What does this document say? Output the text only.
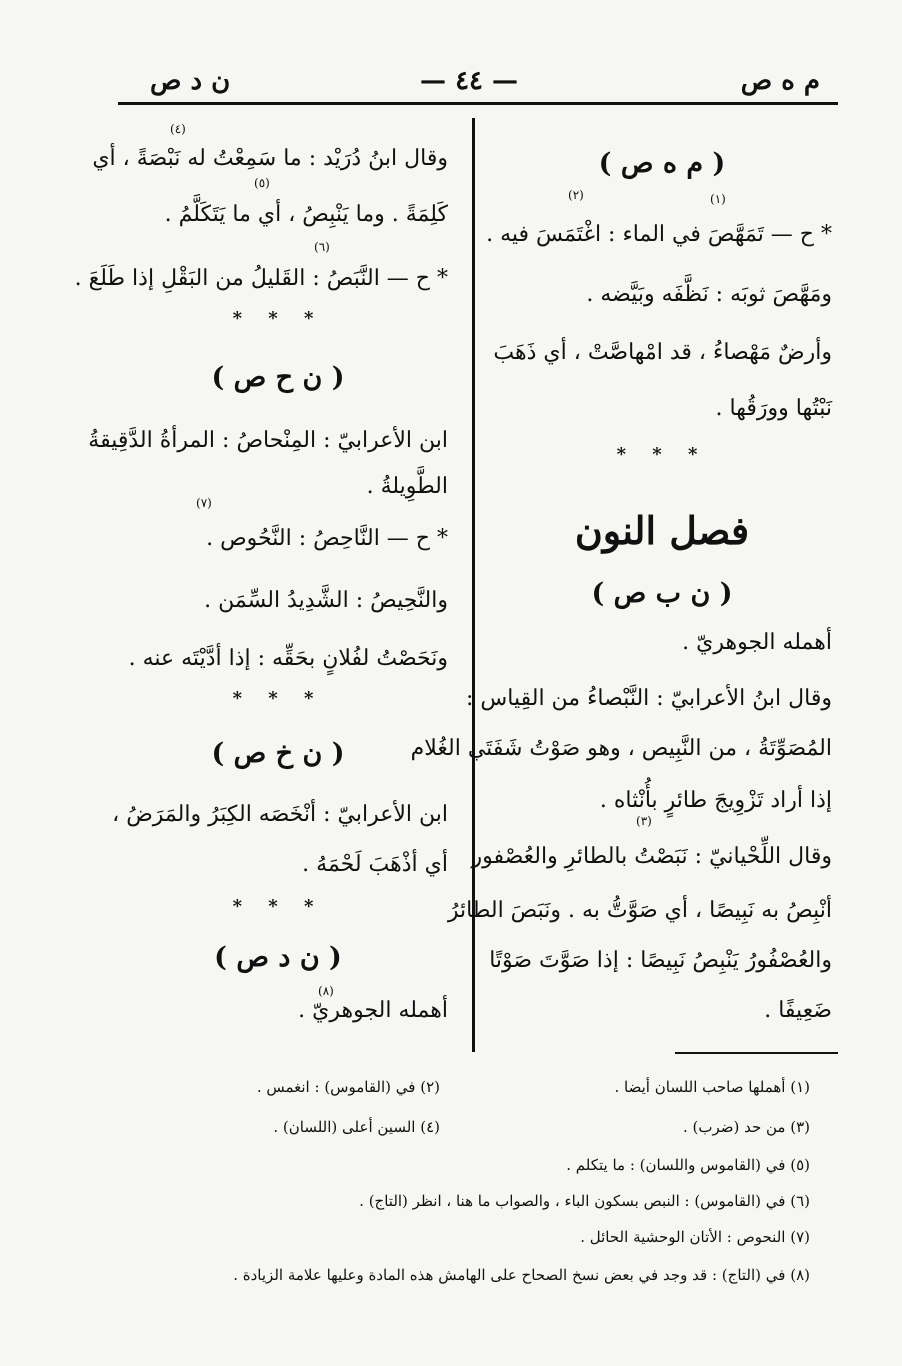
م ه ص
— ٤٤ —
ن د ص
( م ه ص )
* ح — تَمَهَّصَ في الماء : اغْتَمَسَ فيه .
ومَهَّصَ ثوبَه : نَظَّفَه وبَيَّضه .
وأرضٌ مَهْصاءُ ، قد امْهاصَّتْ ، أي ذَهَبَ
نَبْتُها وورَقُها .
* * *
فصل النون
( ن ب ص )
أهمله الجوهريّ .
وقال ابنُ الأعرابيّ : النَّبْصاءُ من القِياس :
المُصَوِّتَةُ ، من النَّبِيص ، وهو صَوْتُ شَفَتَي الغُلام
إذا أراد تَزْوِيجَ طائرٍ بأُنْثاه .
وقال اللِّحْيانيّ : نَبَصْتُ بالطائرِ والعُصْفور
أنْبِصُ به نَبِيصًا ، أي صَوَّتُّ به . ونَبَصَ الطائرُ
والعُصْفُورُ يَنْبِصُ نَبِيصًا : إذا صَوَّتَ صَوْتًا
ضَعِيفًا .
(١)
(٢)
(٣)
وقال ابنُ دُرَيْد : ما سَمِعْتُ له نَبْصَةً ، أي
كَلِمَةً . وما يَنْبِصُ ، أي ما يَتَكَلَّمُ .
* ح — النَّبَصُ : القَليلُ من البَقْلِ إذا طَلَعَ .
* * *
( ن ح ص )
ابن الأعرابيّ : المِنْحاصُ : المرأةُ الدَّقِيقةُ
الطَّوِيلةُ .
* ح — النَّاحِصُ : النَّحُوص .
والنَّحِيصُ : الشَّدِيدُ السِّمَن .
ونَحَصْتُ لفُلانٍ بحَقِّه : إذا أدَّيْتَه عنه .
* * *
( ن خ ص )
ابن الأعرابيّ : أنْخَصَه الكِبَرُ والمَرَضُ ،
أي أذْهَبَ لَحْمَهُ .
* * *
( ن د ص )
أهمله الجوهريّ .
(٤)
(٥)
(٦)
(٧)
(٨)
(١) أهملها صاحب اللسان أيضا .
(٢) في (القاموس) : انغمس .
(٣) من حد (ضرب) .
(٤) السين أعلى (اللسان) .
(٥) في (القاموس واللسان) : ما يتكلم .
(٦) في (القاموس) : النبص بسكون الباء ، والصواب ما هنا ، انظر (التاج) .
(٧) النحوص : الأتان الوحشية الحائل .
(٨) في (التاج) : قد وجد في بعض نسخ الصحاح على الهامش هذه المادة وعليها علامة الزيادة .
